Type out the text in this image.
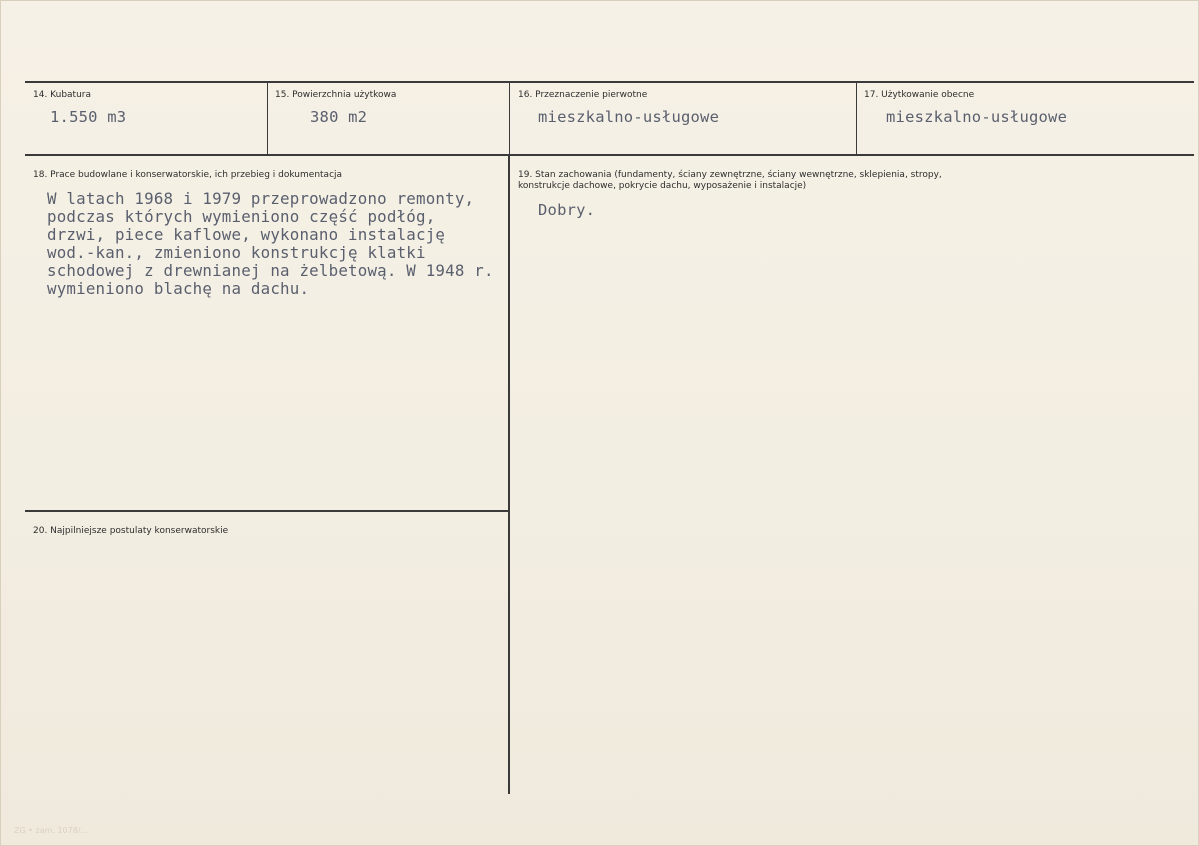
14. Kubatura
1.550 m3
15. Powierzchnia użytkowa
380 m2
16. Przeznaczenie pierwotne
mieszkalno-usługowe
17. Użytkowanie obecne
mieszkalno-usługowe
18. Prace budowlane i konserwatorskie, ich przebieg i dokumentacja
W latach 1968 i 1979 przeprowadzono remonty,
podczas których wymieniono część podłóg,
drzwi, piece kaflowe, wykonano instalację
wod.-kan., zmieniono konstrukcję klatki
schodowej z drewnianej na żelbetową. W 1948 r.
wymieniono blachę na dachu.
19. Stan zachowania (fundamenty, ściany zewnętrzne, ściany wewnętrzne, sklepienia, stropy,
konstrukcje dachowe, pokrycie dachu, wyposażenie i instalacje)
Dobry.
20. Najpilniejsze postulaty konserwatorskie
ZG • zam. 1078/...
